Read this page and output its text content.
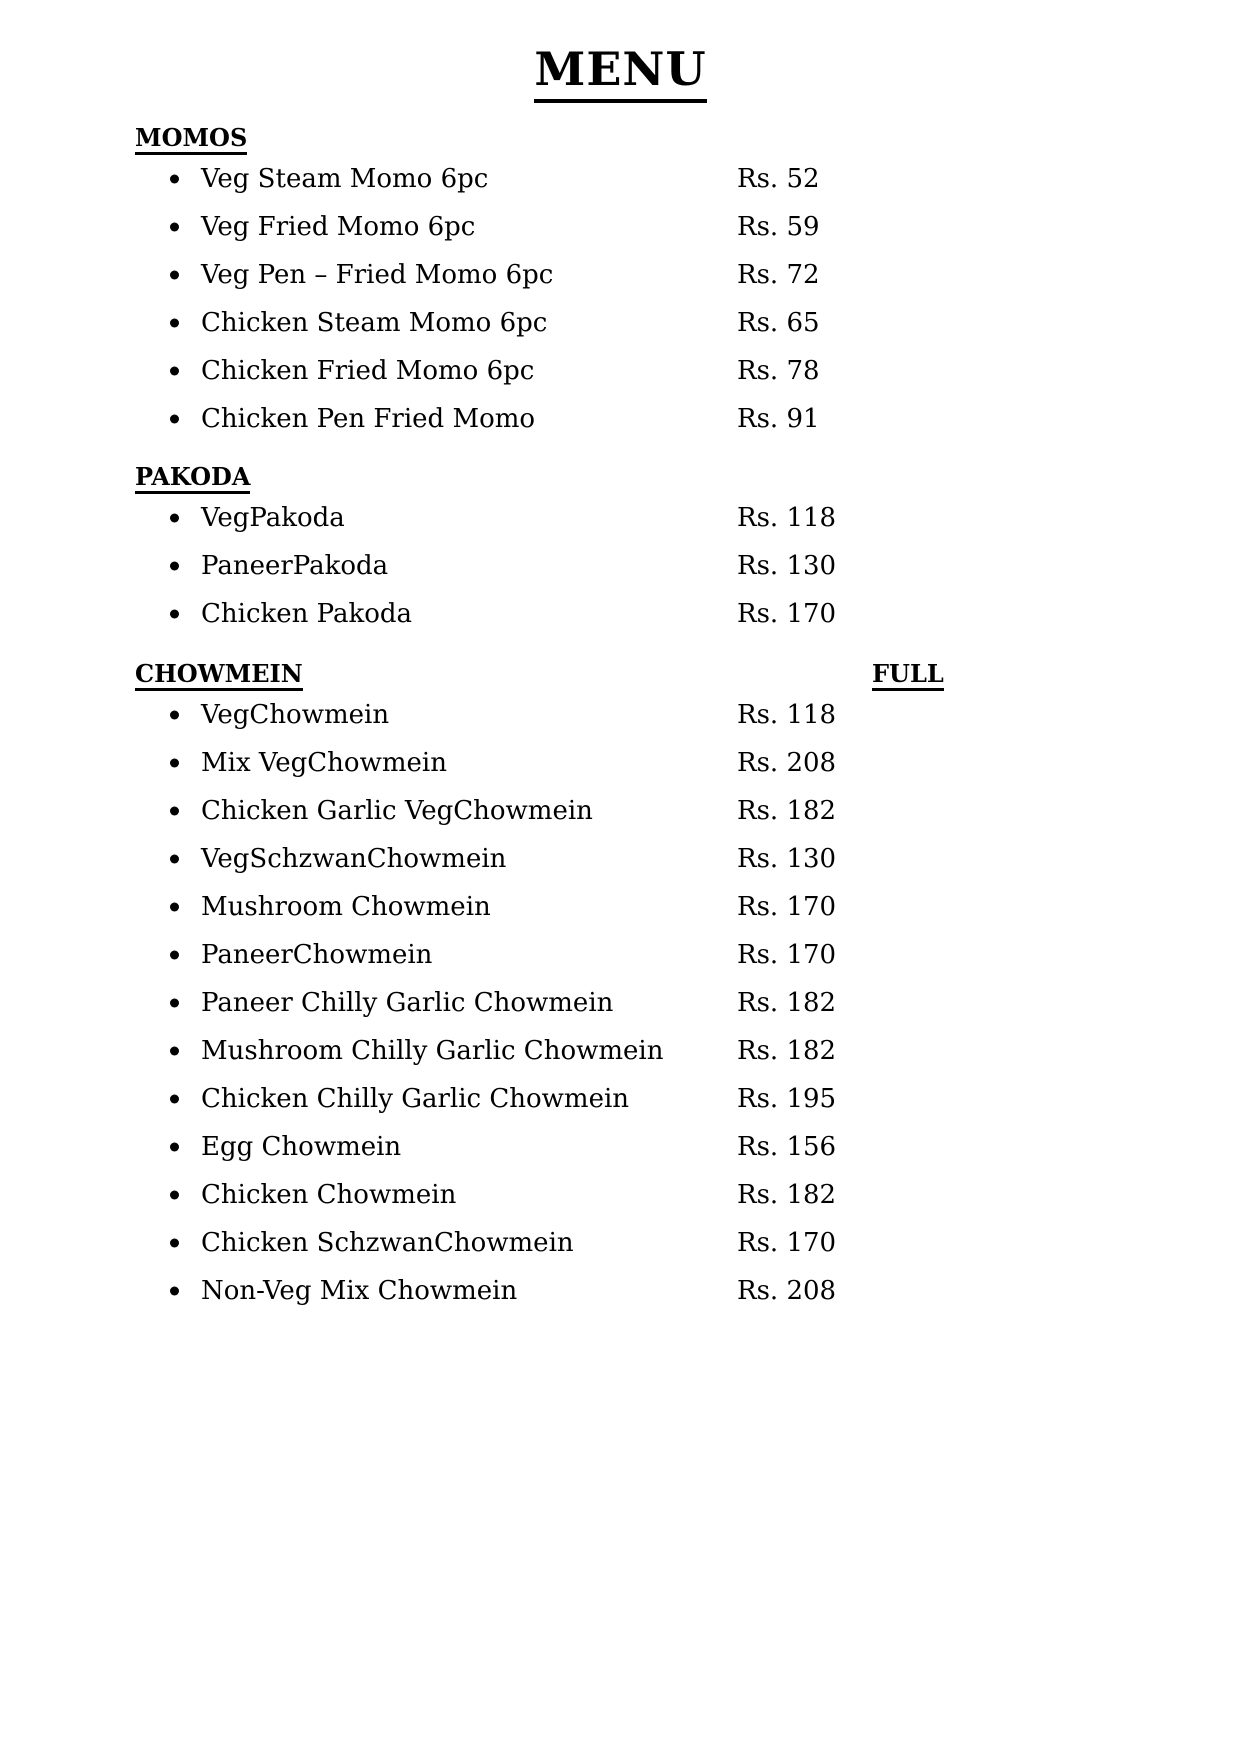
MENU
MOMOS
Veg Steam Momo 6pc	Rs. 52
Veg Fried Momo 6pc	Rs. 59
Veg Pen – Fried Momo 6pc	Rs. 72
Chicken Steam Momo 6pc	Rs. 65
Chicken Fried Momo 6pc	Rs. 78
Chicken Pen Fried Momo	Rs. 91
PAKODA
VegPakoda	Rs. 118
PaneerPakoda	Rs. 130
Chicken Pakoda	Rs. 170
CHOWMEIN	FULL
VegChowmein	Rs. 118
Mix VegChowmein	Rs. 208
Chicken Garlic VegChowmein	Rs. 182
VegSchzwanChowmein	Rs. 130
Mushroom Chowmein	Rs. 170
PaneerChowmein	Rs. 170
Paneer Chilly Garlic Chowmein	Rs. 182
Mushroom Chilly Garlic Chowmein	Rs. 182
Chicken Chilly Garlic Chowmein	Rs. 195
Egg Chowmein	Rs. 156
Chicken Chowmein	Rs. 182
Chicken SchzwanChowmein	Rs. 170
Non-Veg Mix Chowmein	Rs. 208
